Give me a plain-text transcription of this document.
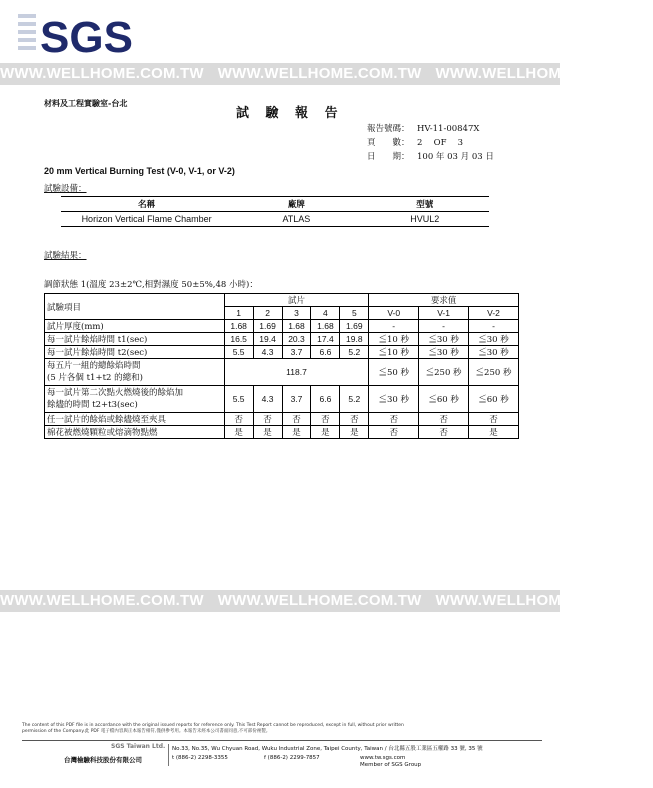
SGS
WWW.WELLHOME.COM.TW WWW.WELLHOME.COM.TW WWW.WELLHOME.COM.TW
材料及工程實驗室-台北
試 驗 報 告
報告號碼： HV-11-00847X
頁　　數： 2　 OF　 3
日　　期： 100 年 03 月 03 日
20 mm Vertical Burning Test (V-0, V-1, or V-2)
試驗設備：
名稱	廠牌	型號
Horizon Vertical Flame Chamber	ATLAS	HVUL2
試驗結果：
調節狀態 1(溫度 23±2℃,相對濕度 50±5%,48 小時)：
試驗項目	試片					要求值		
	1	2	3	4	5	V-0	V-1	V-2
試片厚度(mm)	1.68	1.69	1.68	1.68	1.69	-	-	-
每一試片餘焰時間 t1(sec)	16.5	19.4	20.3	17.4	19.8	≦10 秒	≦30 秒	≦30 秒
每一試片餘焰時間 t2(sec)	5.5	4.3	3.7	6.6	5.2	≦10 秒	≦30 秒	≦30 秒
每五片一組的總餘焰時間
(5 片各個 t1+t2 的總和)	118.7					≦50 秒	≦250 秒	≦250 秒
每一試片第二次點火燃燒後的餘焰加
餘燼的時間 t2+t3(sec)	5.5	4.3	3.7	6.6	5.2	≦30 秒	≦60 秒	≦60 秒
任一試片的餘焰或餘燼燒至夾具	否	否	否	否	否	否	否	否
棉花被燃燒顆粒或熔滴物點燃	是	是	是	是	是	否	否	是
WWW.WELLHOME.COM.TW WWW.WELLHOME.COM.TW WWW.WELLHOME.COM.TW
The content of this PDF file is in accordance with the original issued reports for reference only. This Test Report cannot be reproduced, except in full, without prior written
permission of the Company.此 PDF 電子檔內容與正本報告相符,僅供參考用。本報告未經本公司書面同意,不可部份複製。
SGS Taiwan Ltd.
台灣檢驗科技股份有限公司
No.33, No.35, Wu Chyuan Road, Wuku Industrial Zone, Taipei County, Taiwan / 台北縣五股工業區五權路 33 號, 35 號
t (886-2) 2298-3355	f (886-2) 2299-7857	www.tw.sgs.com
Member of SGS Group
